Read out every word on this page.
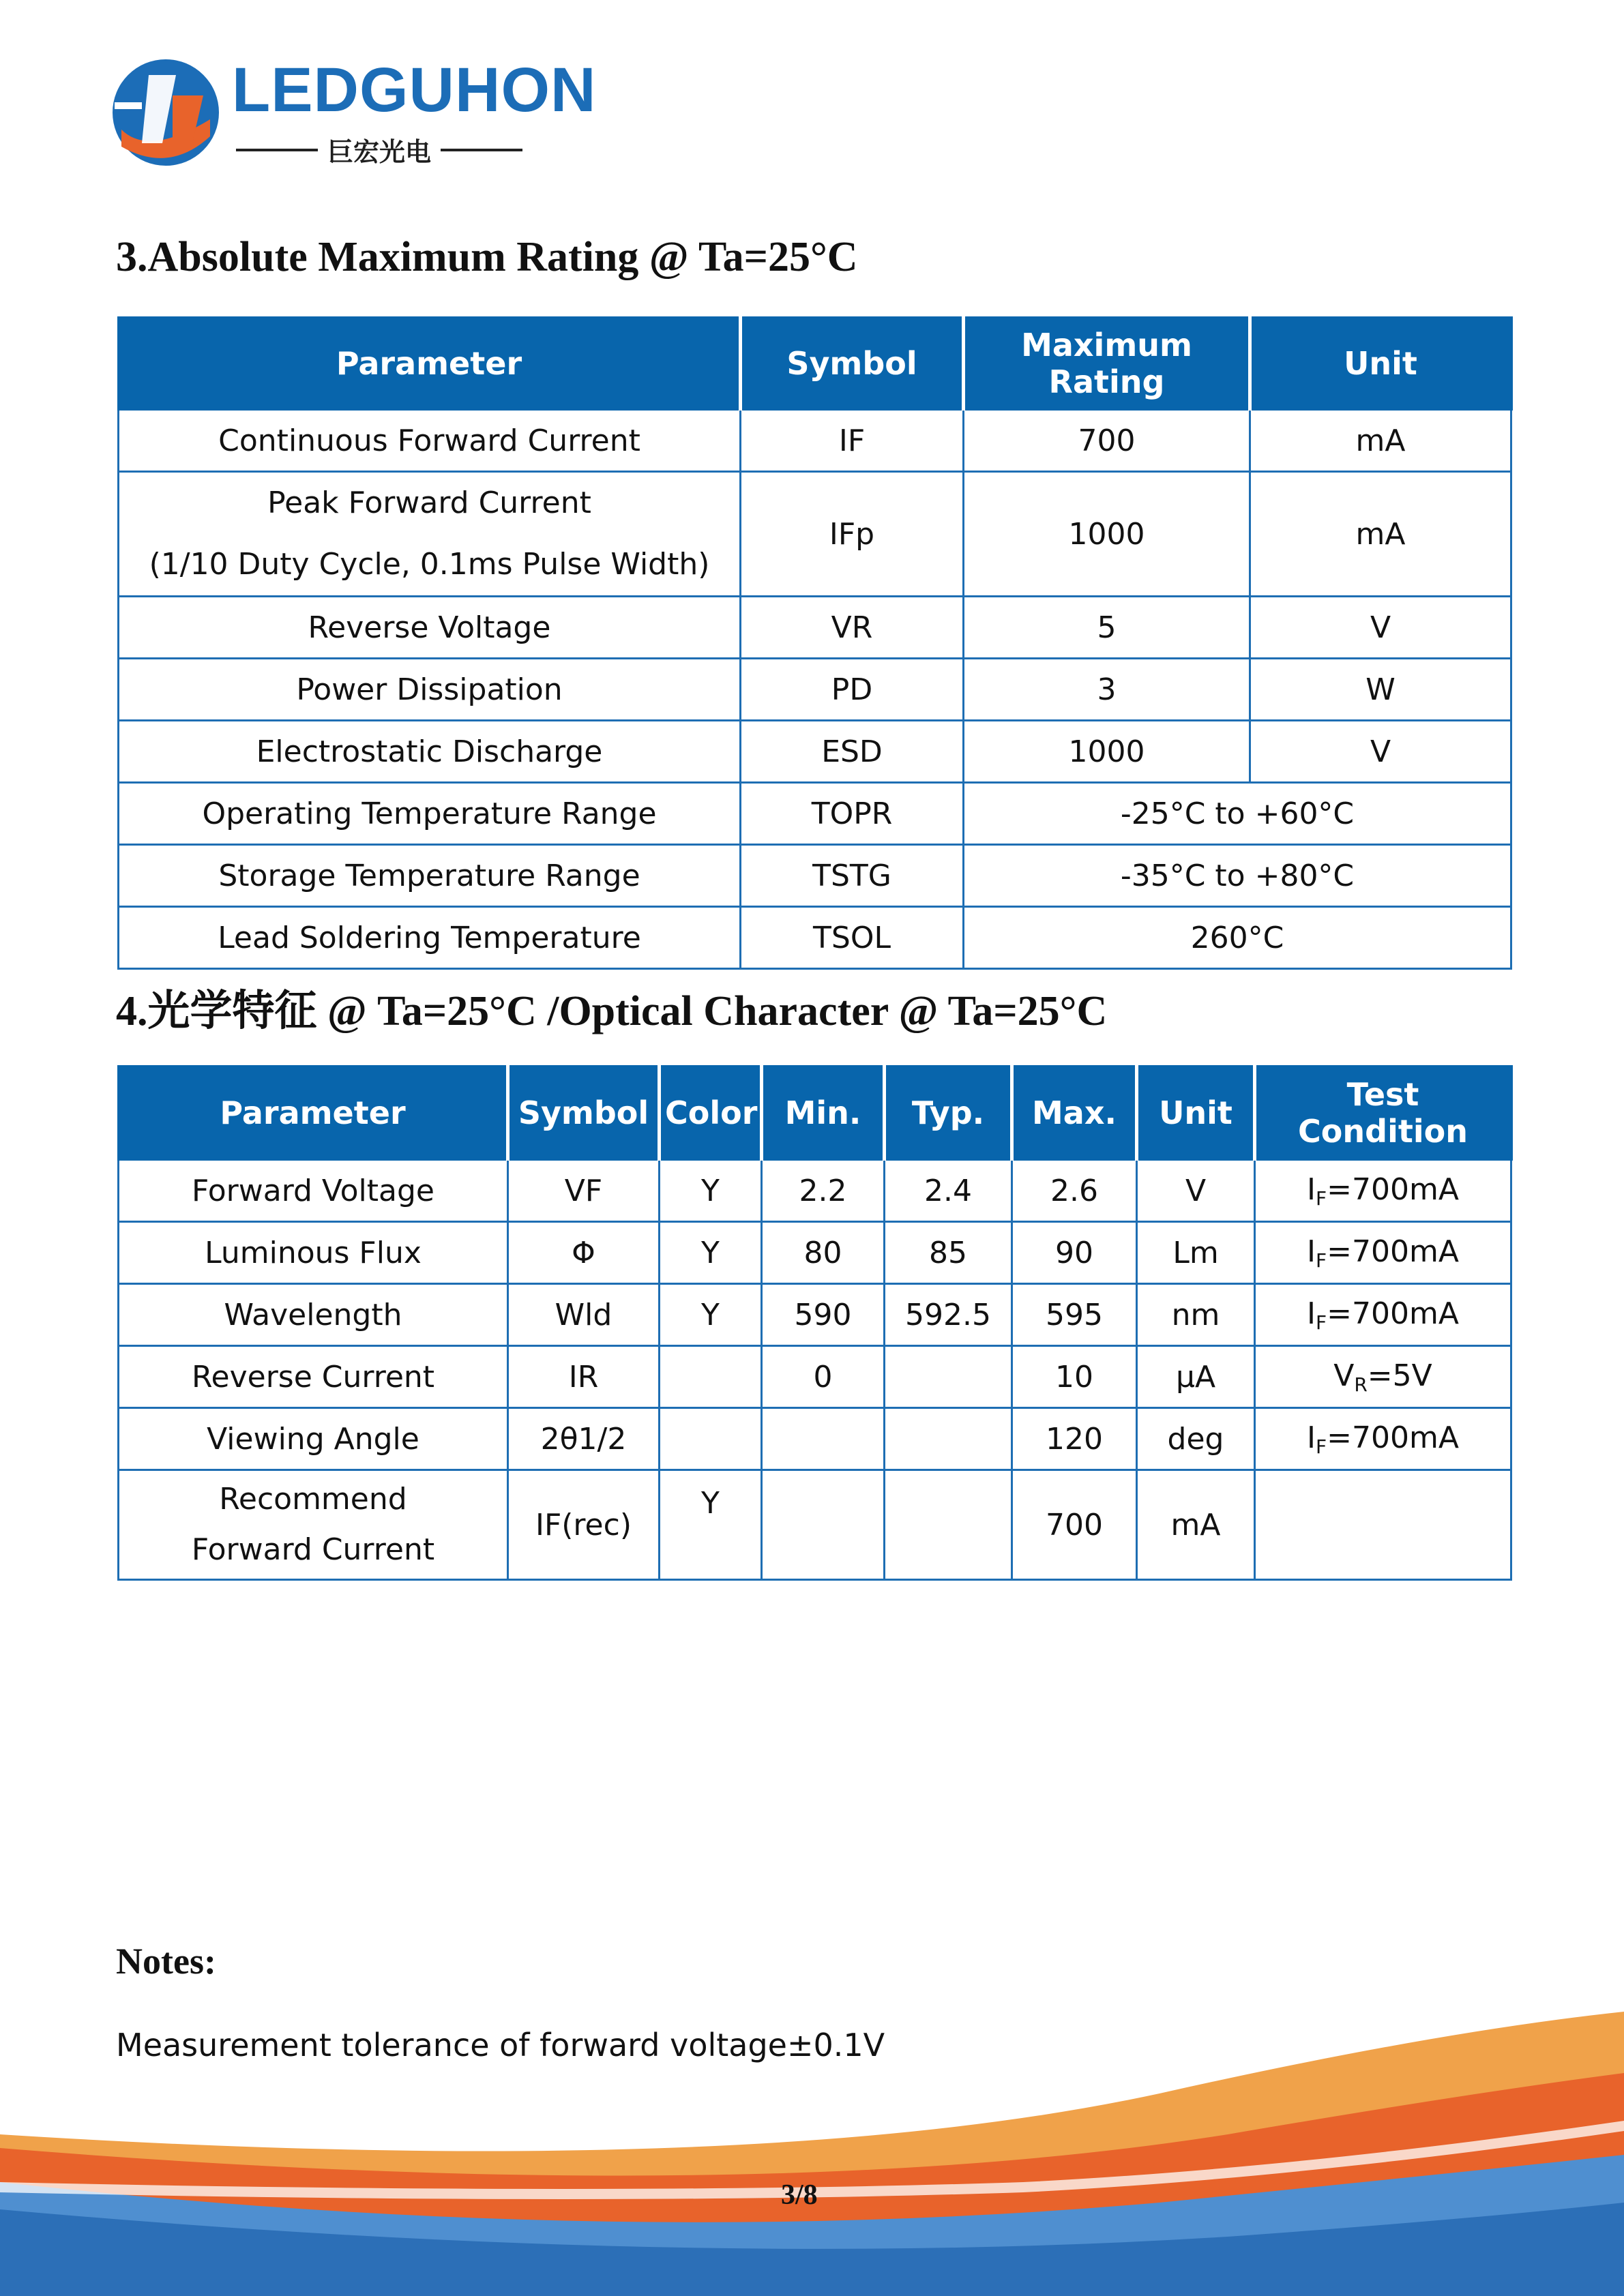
LEDGUHON
巨宏光电
3.Absolute Maximum Rating @ Ta=25°C
Parameter	Symbol	Maximum Rating	Unit
Continuous Forward Current	IF	700	mA

Peak Forward Current
(1/10 Duty Cycle, 0.1ms Pulse Width)	IFp	1000	mA
Reverse Voltage	VR	5	V
Power Dissipation	PD	3	W
Electrostatic Discharge	ESD	1000	V
Operating Temperature Range	TOPR	-25°C to +60°C	
Storage Temperature Range	TSTG	-35°C to +80°C	
Lead Soldering Temperature	TSOL	260°C	
4.光学特征 @ Ta=25°C /Optical Character @ Ta=25°C
Parameter	Symbol	Color	Min.	Typ.	Max.	Unit	Test Condition
Forward Voltage	VF	Y	2.2	2.4	2.6	V	$I_F=700mA$
Luminous Flux	Φ	Y	80	85	90	Lm	$I_F=700mA$
Wavelength	Wld	Y	590	592.5	595	nm	$I_F=700mA$
Reverse Current	IR		0		10	μA	$V_R=5V$
Viewing Angle	2θ1/2				120	deg	$I_F=700mA$
Recommend Forward Current	IF(rec)	Y			700	mA	
Notes:
Measurement tolerance of forward voltage±0.1V
3/8
